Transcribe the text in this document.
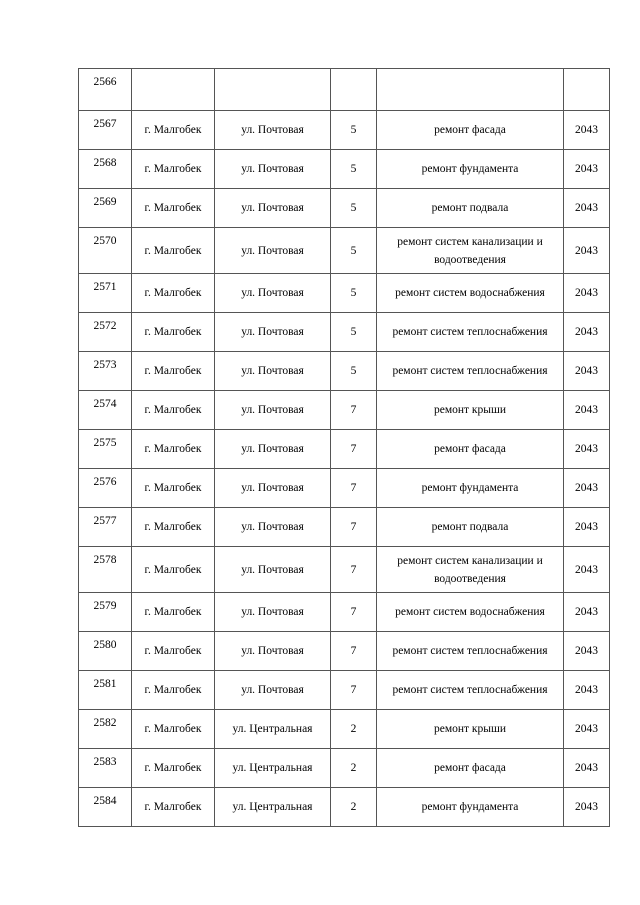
2566					
2567	г. Малгобек	ул. Почтовая	5	ремонт фасада	2043
2568	г. Малгобек	ул. Почтовая	5	ремонт фундамента	2043
2569	г. Малгобек	ул. Почтовая	5	ремонт подвала	2043
2570	г. Малгобек	ул. Почтовая	5	ремонт систем канализации и водоотведения	2043
2571	г. Малгобек	ул. Почтовая	5	ремонт систем водоснабжения	2043
2572	г. Малгобек	ул. Почтовая	5	ремонт систем теплоснабжения	2043
2573	г. Малгобек	ул. Почтовая	5	ремонт систем теплоснабжения	2043
2574	г. Малгобек	ул. Почтовая	7	ремонт крыши	2043
2575	г. Малгобек	ул. Почтовая	7	ремонт фасада	2043
2576	г. Малгобек	ул. Почтовая	7	ремонт фундамента	2043
2577	г. Малгобек	ул. Почтовая	7	ремонт подвала	2043
2578	г. Малгобек	ул. Почтовая	7	ремонт систем канализации и водоотведения	2043
2579	г. Малгобек	ул. Почтовая	7	ремонт систем водоснабжения	2043
2580	г. Малгобек	ул. Почтовая	7	ремонт систем теплоснабжения	2043
2581	г. Малгобек	ул. Почтовая	7	ремонт систем теплоснабжения	2043
2582	г. Малгобек	ул. Центральная	2	ремонт крыши	2043
2583	г. Малгобек	ул. Центральная	2	ремонт фасада	2043
2584	г. Малгобек	ул. Центральная	2	ремонт фундамента	2043
